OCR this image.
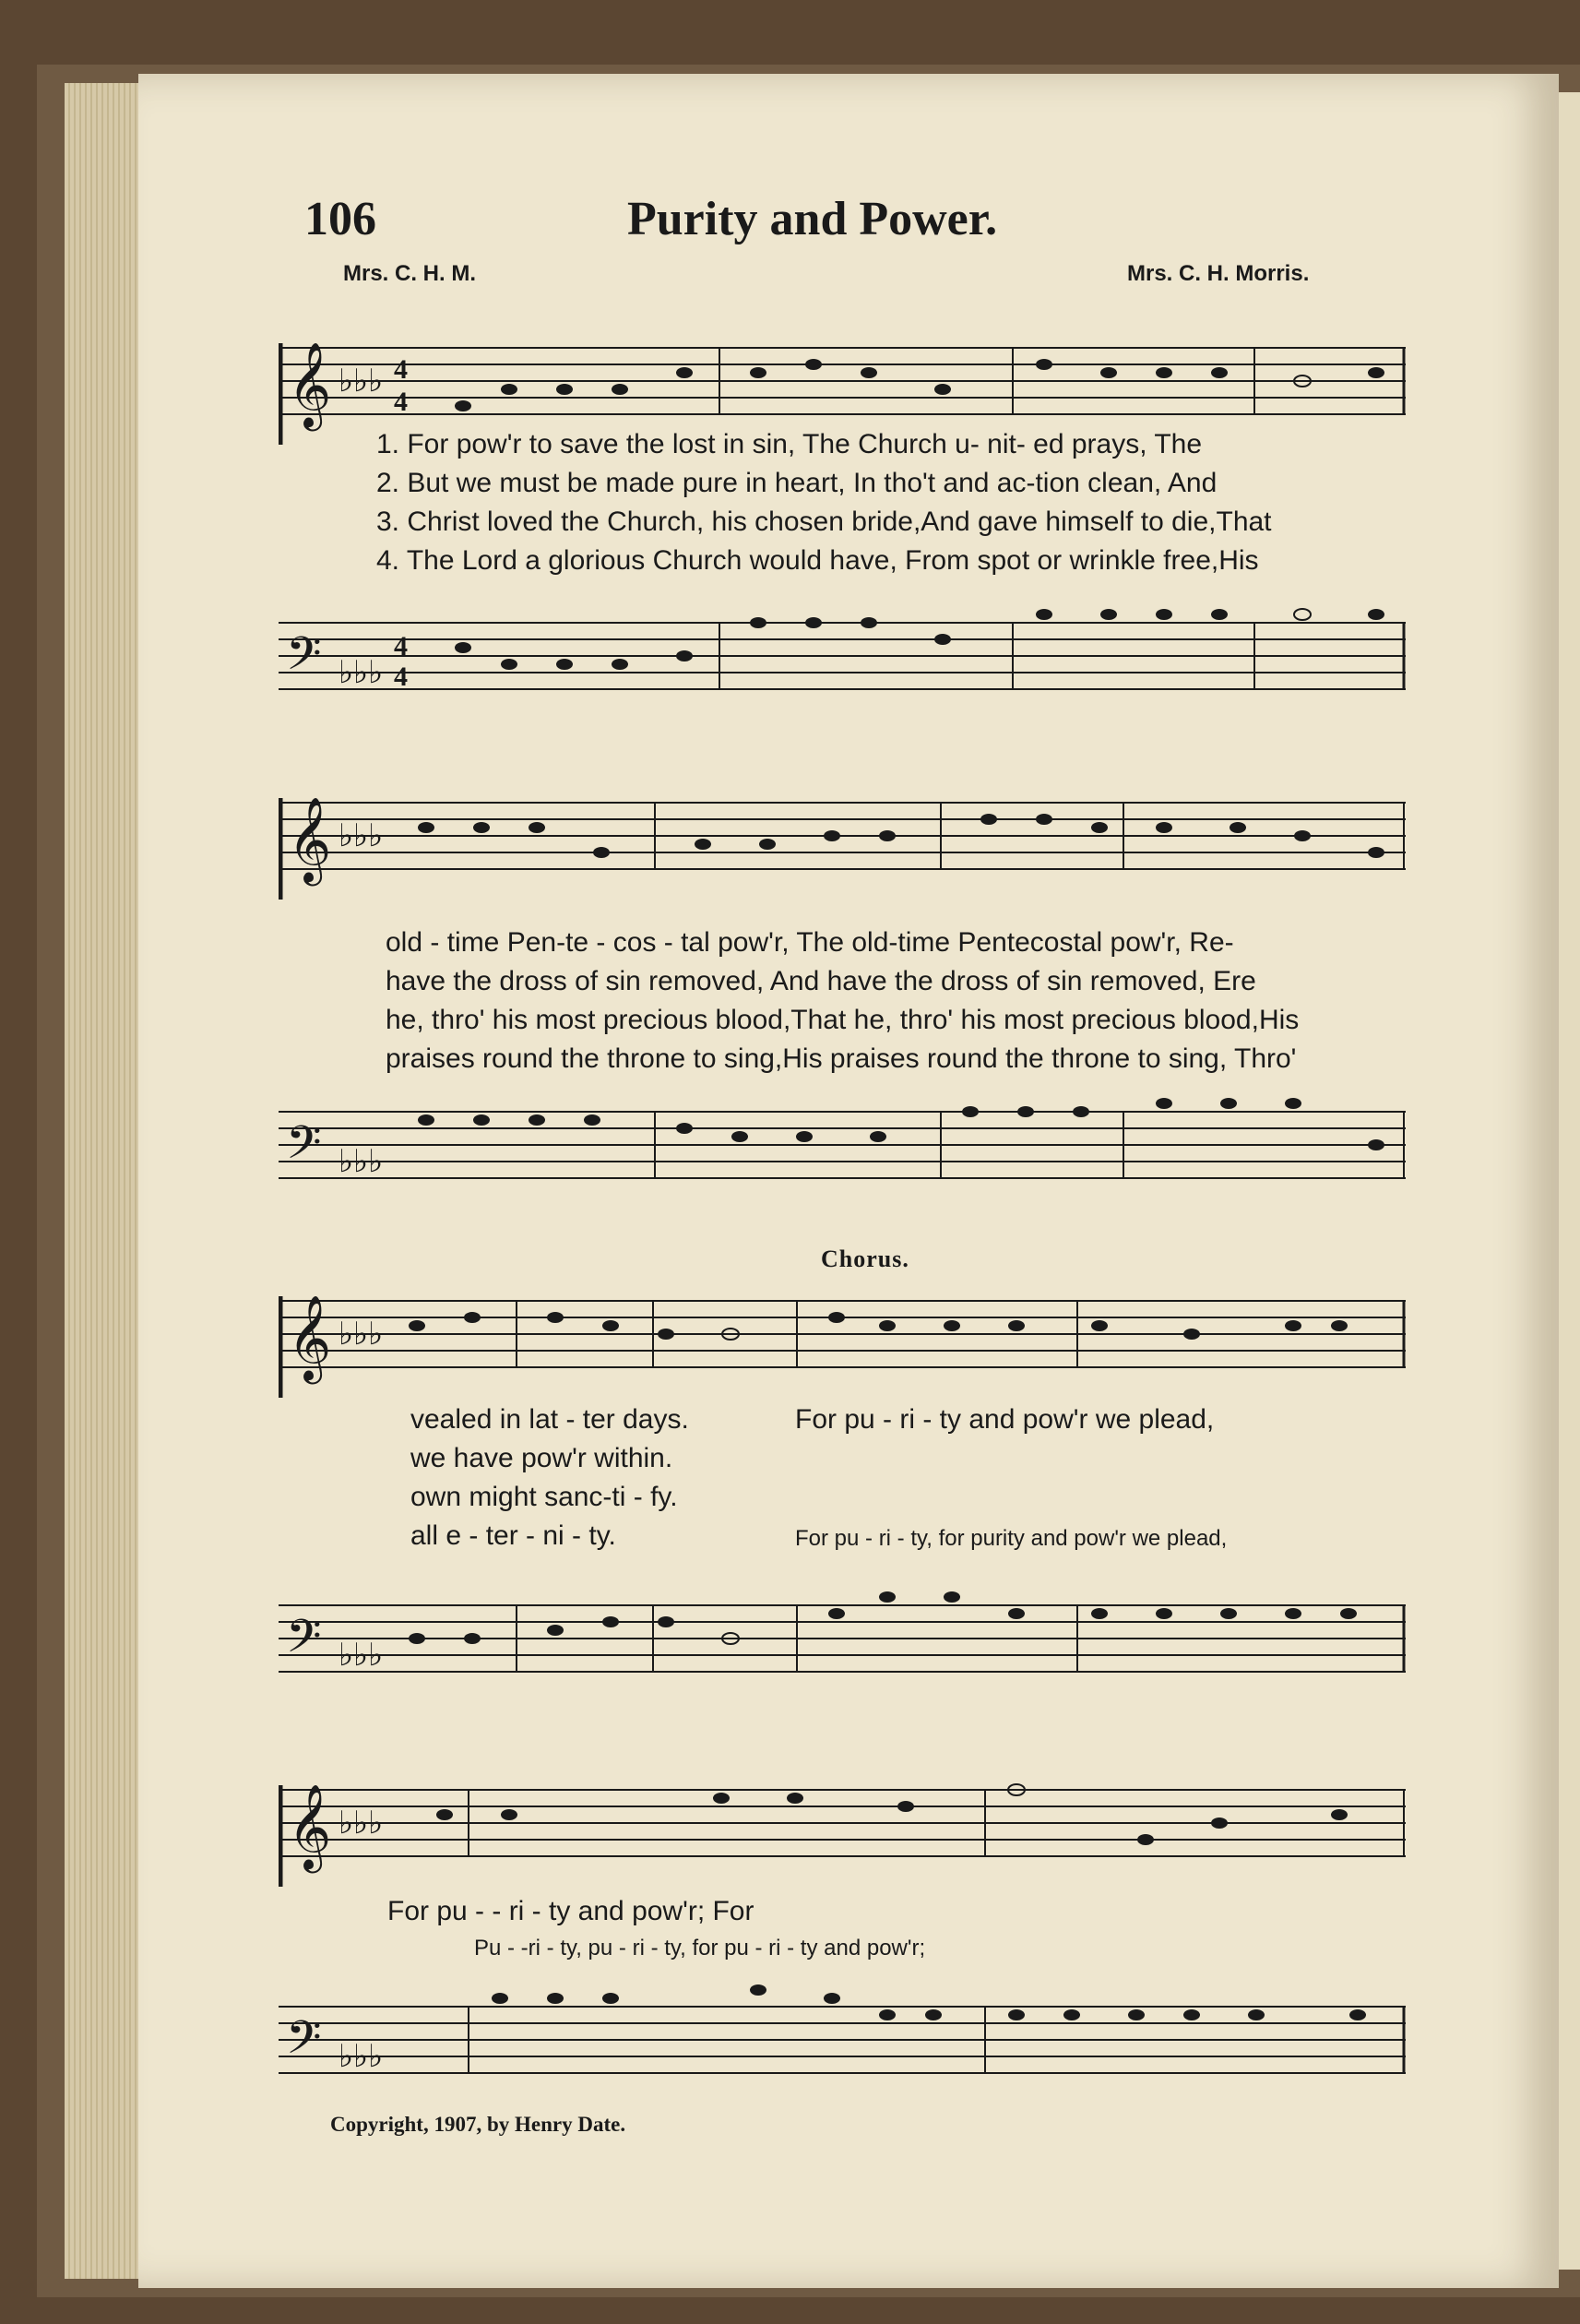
106	Purity and Power.
Mrs. C. H. M.	Mrs. C. H. Morris.
𝄞 ♭♭♭ 4
4
1. For pow'r to save the lost in sin, The Church u- nit- ed prays, The
2. But we must be made pure in heart, In tho't and ac-tion clean, And
3. Christ loved the Church, his chosen bride,And gave himself to die,That
4. The Lord a glorious Church would have, From spot or wrinkle free,His
𝄢 ♭♭♭
4
4
𝄞 ♭♭♭
old - time Pen-te - cos - tal pow'r, The old-time Pentecostal pow'r, Re-
have the dross of sin removed, And have the dross of sin removed, Ere
he, thro' his most precious blood,That he, thro' his most precious blood,His
praises round the throne to sing,His praises round the throne to sing, Thro'
𝄢 ♭♭♭
Chorus.
𝄞 ♭♭♭
vealed in lat - ter days.	For pu - ri - ty and pow'r we plead,
we have pow'r within.
own might sanc-ti - fy.
all e - ter - ni - ty.	For pu - ri - ty, for purity and pow'r we plead,
𝄢 ♭♭♭
𝄞 ♭♭♭
For pu - - ri - ty and pow'r; For
Pu - -ri - ty, pu - ri - ty, for pu - ri - ty and pow'r;
𝄢 ♭♭♭
Copyright, 1907, by Henry Date.
